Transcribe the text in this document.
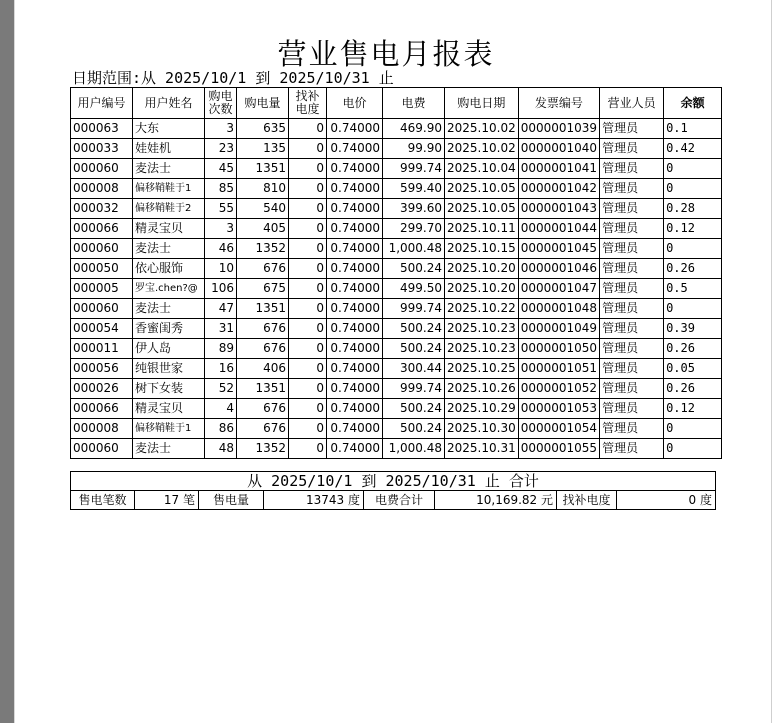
营业售电月报表
日期范围:从 2025/10/1 到 2025/10/31 止
用户编号	用户姓名	购电次数	购电量	找补电度	电价	电费	购电日期	发票编号	营业人员	余额
000063	大东	3	635	0	0.74000	469.90	2025.10.02	0000001039	管理员	0.1
000033	娃娃机	23	135	0	0.74000	99.90	2025.10.02	0000001040	管理员	0.42
000060	麦法士	45	1351	0	0.74000	999.74	2025.10.04	0000001041	管理员	0
000008	偏移鞘鞋于1	85	810	0	0.74000	599.40	2025.10.05	0000001042	管理员	0
000032	偏移鞘鞋于2	55	540	0	0.74000	399.60	2025.10.05	0000001043	管理员	0.28
000066	精灵宝贝	3	405	0	0.74000	299.70	2025.10.11	0000001044	管理员	0.12
000060	麦法士	46	1352	0	0.74000	1,000.48	2025.10.15	0000001045	管理员	0
000050	依心服饰	10	676	0	0.74000	500.24	2025.10.20	0000001046	管理员	0.26
000005	罗宝.chen?@	106	675	0	0.74000	499.50	2025.10.20	0000001047	管理员	0.5
000060	麦法士	47	1351	0	0.74000	999.74	2025.10.22	0000001048	管理员	0
000054	香蜜闺秀	31	676	0	0.74000	500.24	2025.10.23	0000001049	管理员	0.39
000011	伊人岛	89	676	0	0.74000	500.24	2025.10.23	0000001050	管理员	0.26
000056	纯银世家	16	406	0	0.74000	300.44	2025.10.25	0000001051	管理员	0.05
000026	树下女装	52	1351	0	0.74000	999.74	2025.10.26	0000001052	管理员	0.26
000066	精灵宝贝	4	676	0	0.74000	500.24	2025.10.29	0000001053	管理员	0.12
000008	偏移鞘鞋于1	86	676	0	0.74000	500.24	2025.10.30	0000001054	管理员	0
000060	麦法士	48	1352	0	0.74000	1,000.48	2025.10.31	0000001055	管理员	0
从 2025/10/1 到 2025/10/31 止 合计
售电笔数	17 笔	售电量	13743 度	电费合计	10,169.82 元 找补电度	0 度
